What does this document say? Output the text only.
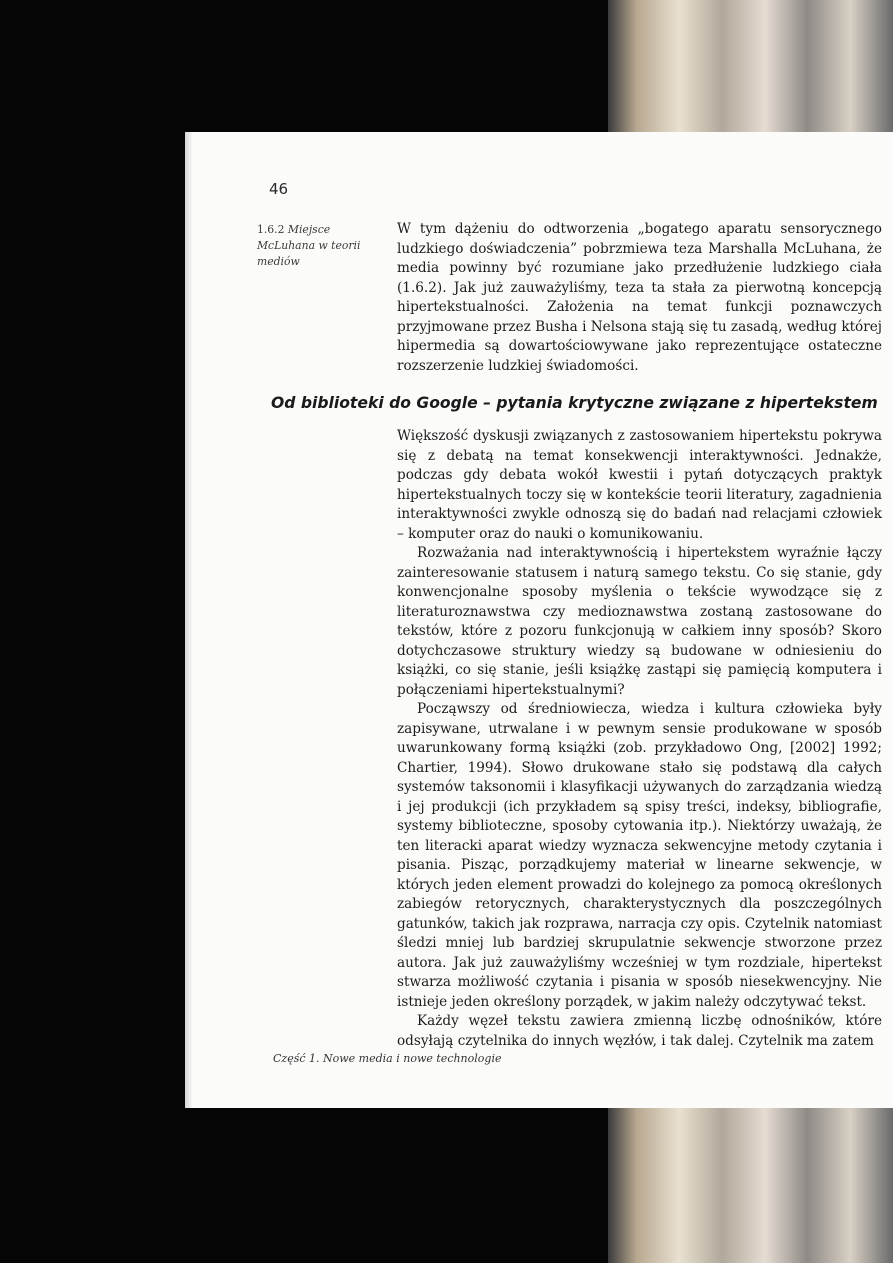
46
1.6.2 Miejsce McLuhana w teorii mediów
W tym dążeniu do odtworzenia „bogatego aparatu sensorycznego ludzkiego doświadczenia” pobrzmiewa teza Marshalla McLuhana, że media powinny być rozumiane jako przedłużenie ludzkiego ciała (1.6.2). Jak już zauważyliśmy, teza ta stała za pierwotną koncepcją hipertekstualności. Założenia na temat funkcji poznawczych przyjmowane przez Busha i Nelsona stają się tu zasadą, według której hipermedia są dowartościowywane jako reprezentujące ostateczne rozszerzenie ludzkiej świadomości.
Od biblioteki do Google – pytania krytyczne związane z hipertekstem

Większość dyskusji związanych z zastosowaniem hipertekstu pokrywa się z debatą na temat konsekwencji interaktywności. Jednakże, podczas gdy debata wokół kwestii i pytań dotyczących praktyk hipertekstualnych toczy się w kontekście teorii literatury, zagadnienia interaktywności zwykle odnoszą się do badań nad relacjami człowiek – komputer oraz do nauki o komunikowaniu.

Rozważania nad interaktywnością i hipertekstem wyraźnie łączy zainteresowanie statusem i naturą samego tekstu. Co się stanie, gdy konwencjonalne sposoby myślenia o tekście wywodzące się z literaturoznawstwa czy medioznawstwa zostaną zastosowane do tekstów, które z pozoru funkcjonują w całkiem inny sposób? Skoro dotychczasowe struktury wiedzy są budowane w odniesieniu do książki, co się stanie, jeśli książkę zastąpi się pamięcią komputera i połączeniami hipertekstualnymi?

Począwszy od średniowiecza, wiedza i kultura człowieka były zapisywane, utrwalane i w pewnym sensie produkowane w sposób uwarunkowany formą książki (zob. przykładowo Ong, [2002] 1992; Chartier, 1994). Słowo drukowane stało się podstawą dla całych systemów taksonomii i klasyfikacji używanych do zarządzania wiedzą i jej produkcji (ich przykładem są spisy treści, indeksy, bibliografie, systemy biblioteczne, sposoby cytowania itp.). Niektórzy uważają, że ten literacki aparat wiedzy wyznacza sekwencyjne metody czytania i pisania. Pisząc, porządkujemy materiał w linearne sekwencje, w których jeden element prowadzi do kolejnego za pomocą określonych zabiegów retorycznych, charakterystycznych dla poszczególnych gatunków, takich jak rozprawa, narracja czy opis. Czytelnik natomiast śledzi mniej lub bardziej skrupulatnie sekwencje stworzone przez autora. Jak już zauważyliśmy wcześniej w tym rozdziale, hipertekst stwarza możliwość czytania i pisania w sposób niesekwencyjny. Nie istnieje jeden określony porządek, w jakim należy odczytywać tekst.

Każdy węzeł tekstu zawiera zmienną liczbę odnośników, które odsyłają czytelnika do innych węzłów, i tak dalej. Czytelnik ma zatem

Część 1. Nowe media i nowe technologie
